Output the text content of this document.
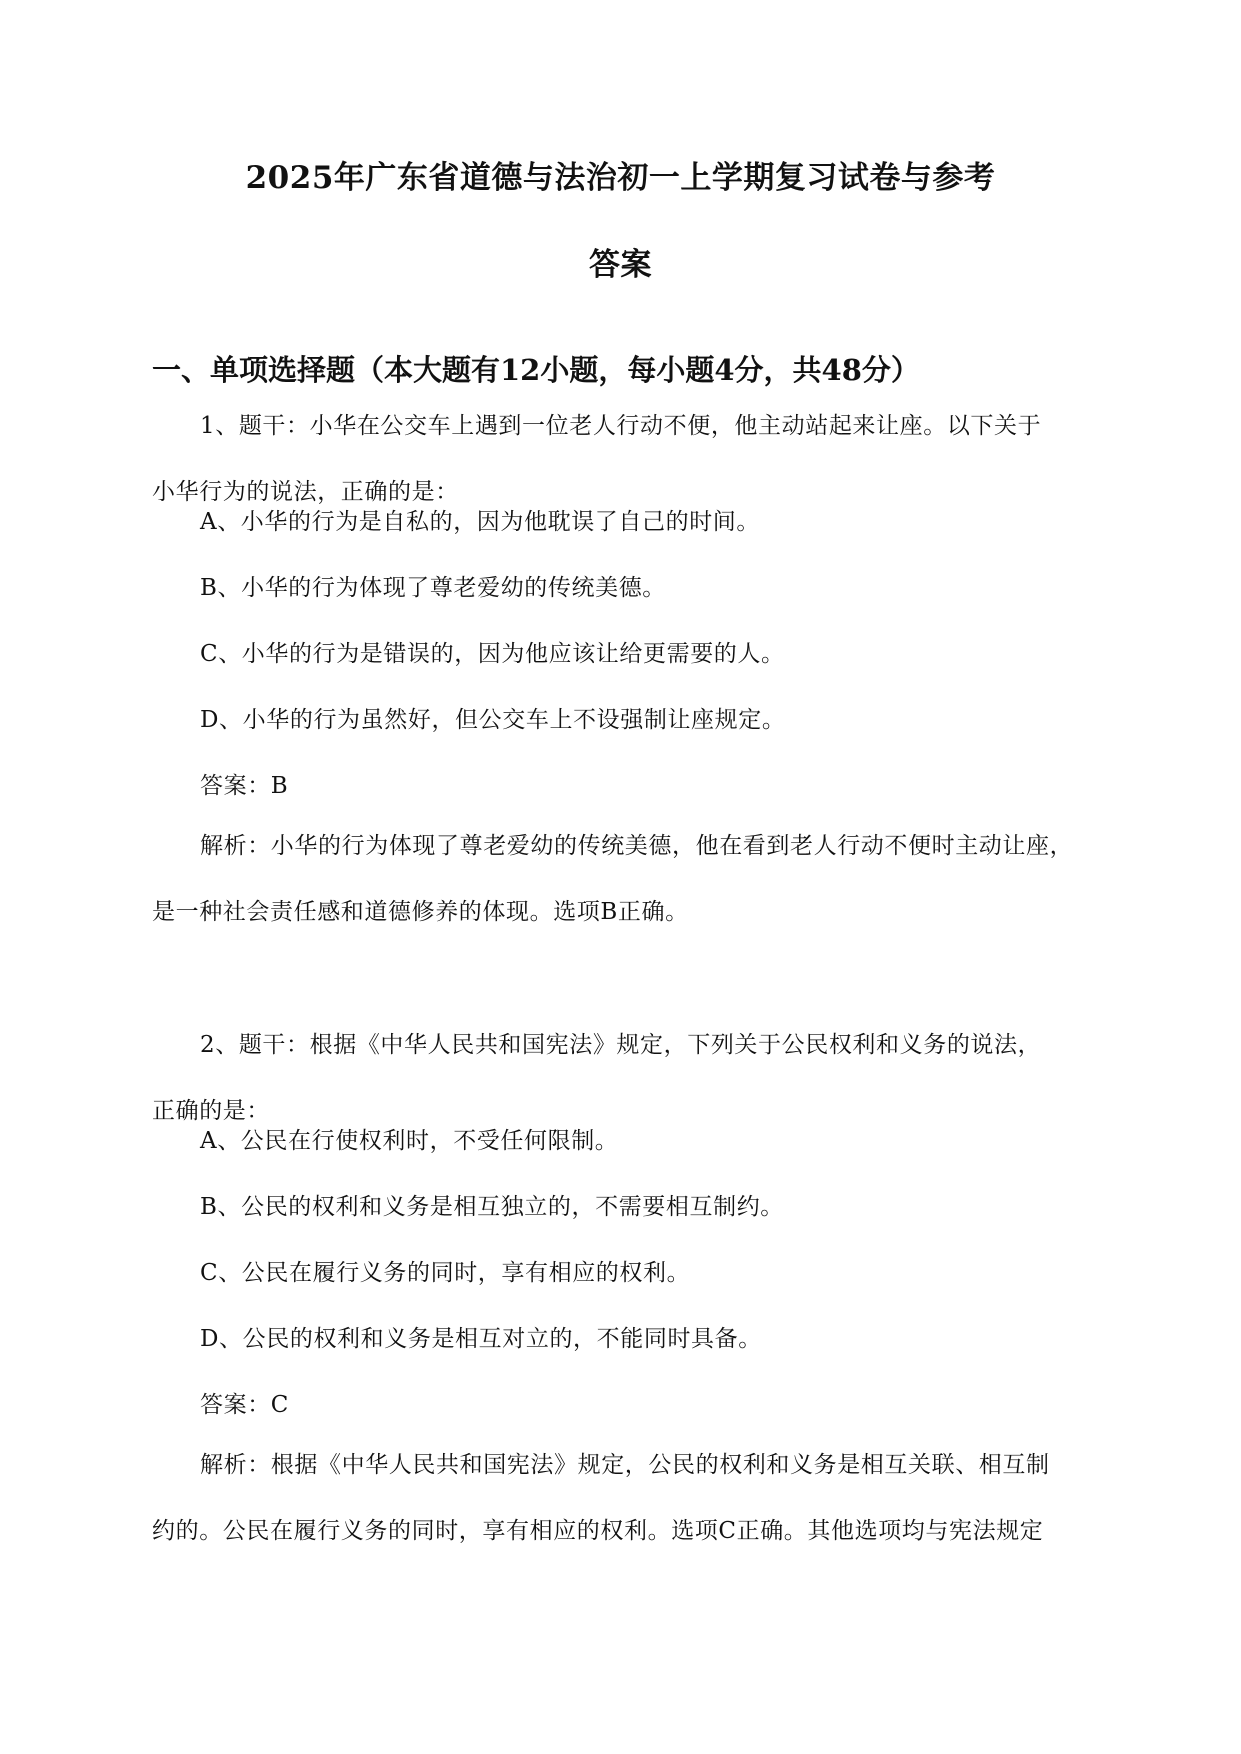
2025年广东省道德与法治初一上学期复习试卷与参考
答案
一、单项选择题（本大题有12小题，每小题4分，共48分）
1、题干：小华在公交车上遇到一位老人行动不便，他主动站起来让座。以下关于
小华行为的说法，正确的是：
A、小华的行为是自私的，因为他耽误了自己的时间。
B、小华的行为体现了尊老爱幼的传统美德。
C、小华的行为是错误的，因为他应该让给更需要的人。
D、小华的行为虽然好，但公交车上不设强制让座规定。
答案：B
解析：小华的行为体现了尊老爱幼的传统美德，他在看到老人行动不便时主动让座，
是一种社会责任感和道德修养的体现。选项B正确。
2、题干：根据《中华人民共和国宪法》规定，下列关于公民权利和义务的说法，
正确的是：
A、公民在行使权利时，不受任何限制。
B、公民的权利和义务是相互独立的，不需要相互制约。
C、公民在履行义务的同时，享有相应的权利。
D、公民的权利和义务是相互对立的，不能同时具备。
答案：C
解析：根据《中华人民共和国宪法》规定，公民的权利和义务是相互关联、相互制
约的。公民在履行义务的同时，享有相应的权利。选项C正确。其他选项均与宪法规定
